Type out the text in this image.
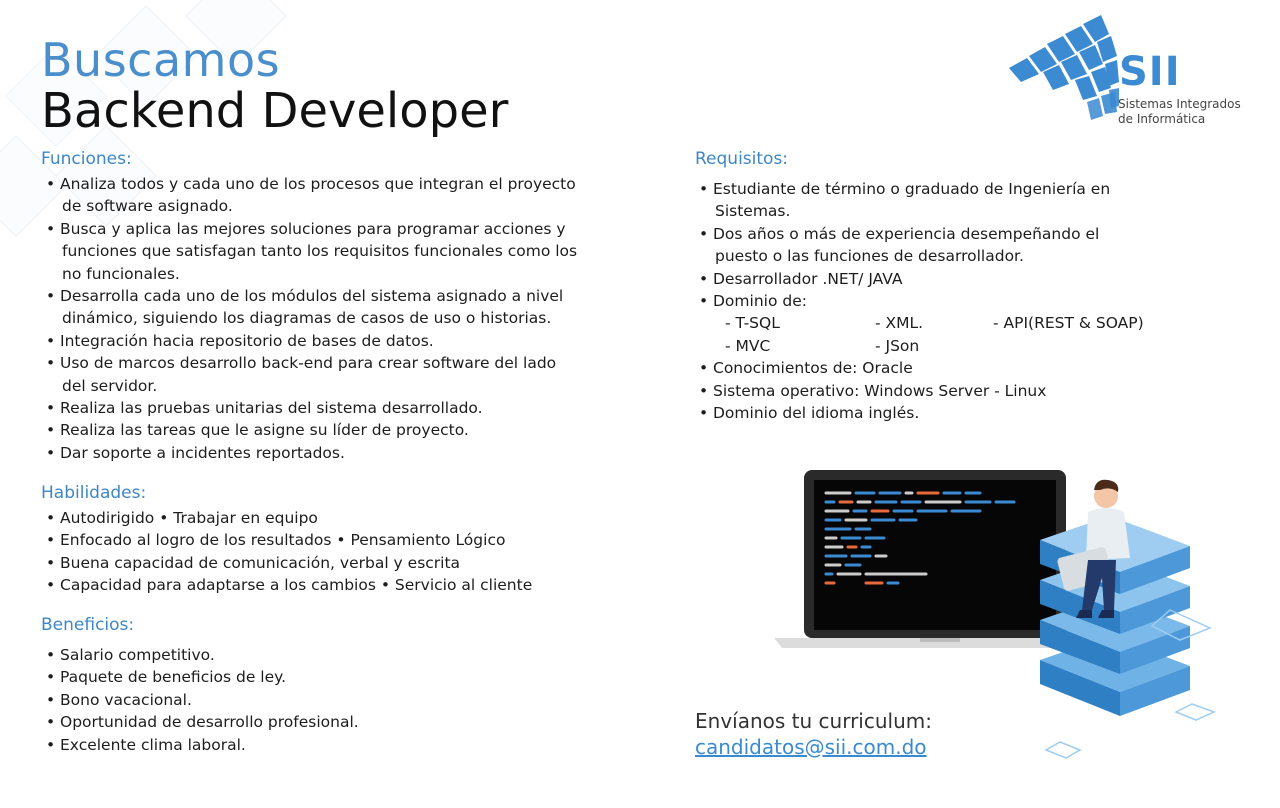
Buscamos
Backend Developer
SII
Sistemas Integrados
de Informática
Funciones:
• Analiza todos y cada uno de los procesos que integran el proyecto
de software asignado.
• Busca y aplica las mejores soluciones para programar acciones y
funciones que satisfagan tanto los requisitos funcionales como los
no funcionales.
• Desarrolla cada uno de los módulos del sistema asignado a nivel
dinámico, siguiendo los diagramas de casos de uso o historias.
• Integración hacia repositorio de bases de datos.
• Uso de marcos desarrollo back-end para crear software del lado
del servidor.
• Realiza las pruebas unitarias del sistema desarrollado.
• Realiza las tareas que le asigne su líder de proyecto.
• Dar soporte a incidentes reportados.
Habilidades:
• Autodirigido • Trabajar en equipo
• Enfocado al logro de los resultados • Pensamiento Lógico
• Buena capacidad de comunicación, verbal y escrita
• Capacidad para adaptarse a los cambios • Servicio al cliente
Beneficios:
• Salario competitivo.
• Paquete de beneficios de ley.
• Bono vacacional.
• Oportunidad de desarrollo profesional.
• Excelente clima laboral.
Requisitos:
• Estudiante de término o graduado de Ingeniería en
Sistemas.
• Dos años o más de experiencia desempeñando el
puesto o las funciones de desarrollador.
• Desarrollador .NET/ JAVA
• Dominio de:
- T-SQL	- XML.	- API(REST & SOAP)
- MVC	- JSon
• Conocimientos de: Oracle
• Sistema operativo: Windows Server - Linux
• Dominio del idioma inglés.
Envíanos tu curriculum:
candidatos@sii.com.do
